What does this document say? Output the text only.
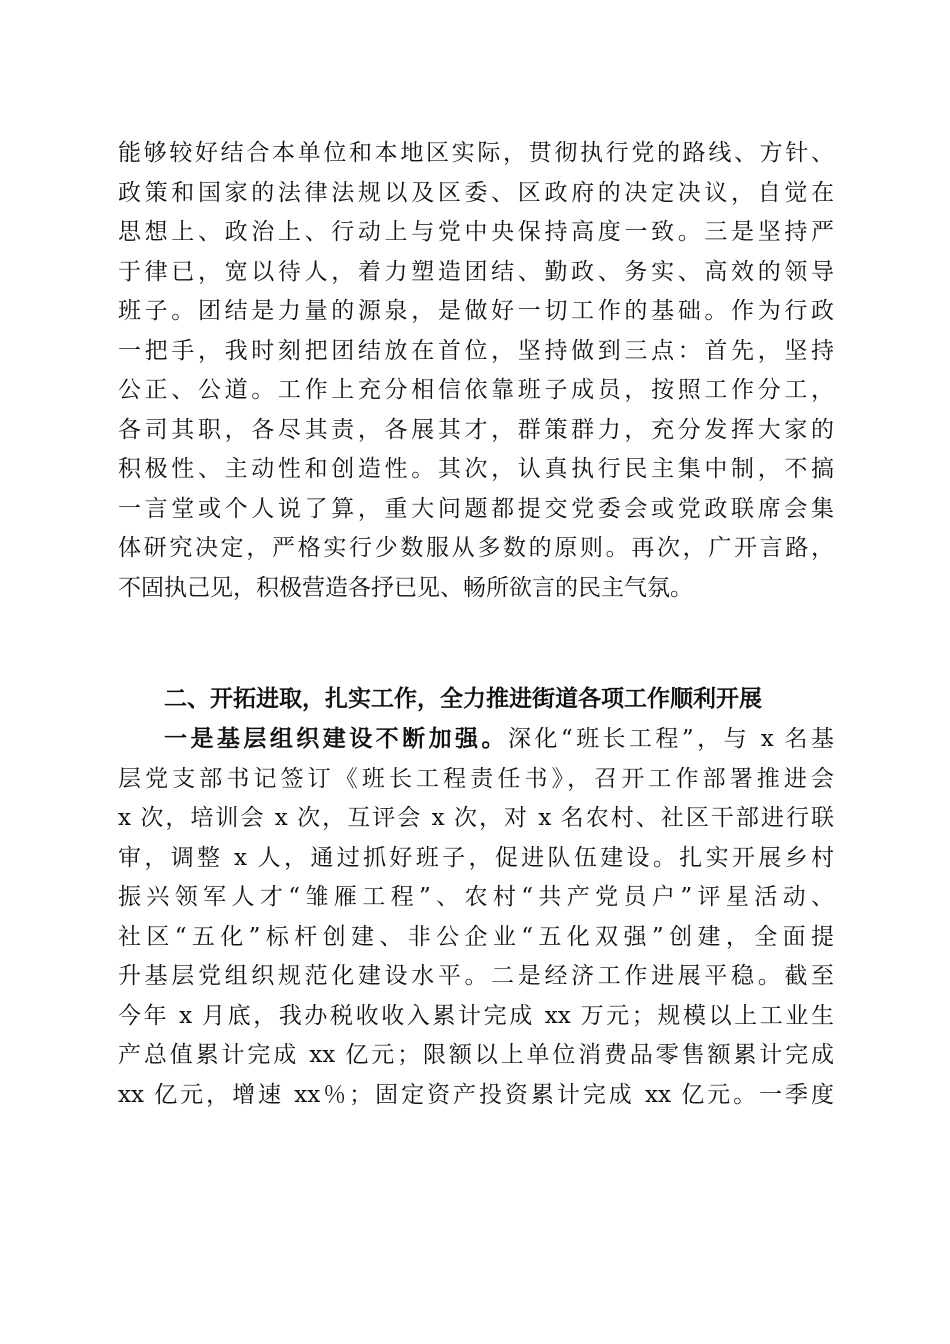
能够较好结合本单位和本地区实际，贯彻执行党的路线、方针、
政策和国家的法律法规以及区委、区政府的决定决议，自觉在
思想上、政治上、行动上与党中央保持高度一致。三是坚持严
于律已，宽以待人，着力塑造团结、勤政、务实、高效的领导
班子。团结是力量的源泉，是做好一切工作的基础。作为行政
一把手，我时刻把团结放在首位，坚持做到三点：首先，坚持
公正、公道。工作上充分相信依靠班子成员，按照工作分工，
各司其职，各尽其责，各展其才，群策群力，充分发挥大家的
积极性、主动性和创造性。其次，认真执行民主集中制，不搞
一言堂或个人说了算，重大问题都提交党委会或党政联席会集
体研究决定，严格实行少数服从多数的原则。再次，广开言路，
不固执己见，积极营造各抒已见、畅所欲言的民主气氛。
二、开拓进取，扎实工作，全力推进街道各项工作顺利开展
一是基层组织建设不断加强。深化“班长工程”，与 x 名基
层党支部书记签订《班长工程责任书》，召开工作部署推进会
x 次，培训会 x 次，互评会 x 次，对 x 名农村、社区干部进行联
审，调整 x 人，通过抓好班子，促进队伍建设。扎实开展乡村
振兴领军人才“雏雁工程”、农村“共产党员户”评星活动、
社区“五化”标杆创建、非公企业“五化双强”创建，全面提
升基层党组织规范化建设水平。二是经济工作进展平稳。截至
今年 x 月底，我办税收收入累计完成 xx 万元；规模以上工业生
产总值累计完成 xx 亿元；限额以上单位消费品零售额累计完成
xx 亿元，增速 xx％；固定资产投资累计完成 xx 亿元。一季度
